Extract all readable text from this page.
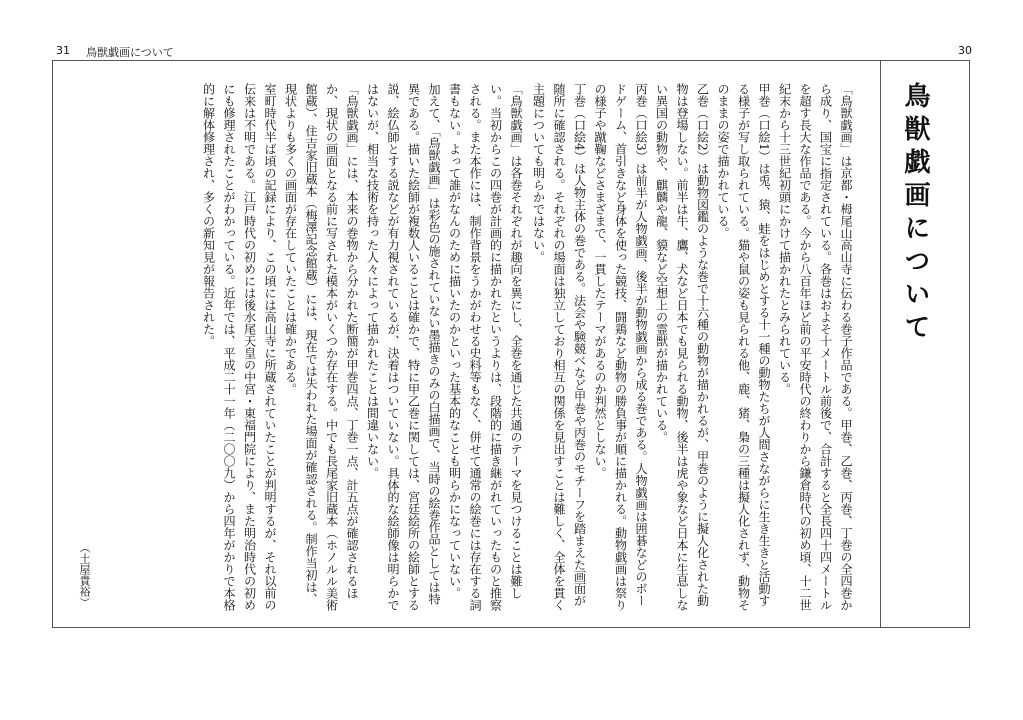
31 鳥獣戯画について	30
鳥獣戯画について

「鳥獣戯画」は京都・栂尾山高山寺に伝わる巻子作品である。甲巻、乙巻、丙巻、丁巻の全四巻から成り、国宝に指定されている。各巻はおよそ十メートル前後で、合計すると全長四十四メートルを超す長大な作品である。今から八百年ほど前の平安時代の終わりから鎌倉時代の初め頃、十二世紀末から十三世紀初頭にかけて描かれたとみられている。

甲巻（口絵1）は兎、猿、蛙をはじめとする十一種の動物たちが人間さながらに生き生きと活動する様子が写し取られている。猫や鼠の姿も見られる他、鹿、猪、梟の三種は擬人化されず、動物そのままの姿で描かれている。

乙巻（口絵2）は動物図鑑のような巻で十六種の動物が描かれるが、甲巻のように擬人化された動物は登場しない。前半は牛、鷹、犬など日本でも見られる動物、後半は虎や象など日本に生息しない異国の動物や、麒麟や龍、貘など空想上の霊獣が描かれている。

丙巻（口絵3）は前半が人物戯画、後半が動物戯画から成る巻である。人物戯画は囲碁などのボードゲーム、首引きなど身体を使った競技、闘鶏など動物の勝負事が順に描かれる。動物戯画は祭りの様子や蹴鞠などさまざまで、一貫したテーマがあるのか判然としない。

丁巻（口絵4）は人物主体の巻である。法会や験競べなど甲巻や丙巻のモチーフを踏まえた画面が随所に確認される。それぞれの場面は独立しており相互の関係を見出すことは難しく、全体を貫く主題についても明らかではない。

「鳥獣戯画」は各巻それぞれが趣向を異にし、全巻を通じた共通のテーマを見つけることは難しい。当初からこの四巻が計画的に描かれたというよりは、段階的に描き継がれていったものと推察される。また本作には、制作背景をうかがわせる史料等もなく、併せて通常の絵巻には存在する詞書もない。よって誰がなんのために描いたのかといった基本的なことも明らかになっていない。

加えて、「鳥獣戯画」は彩色の施されていない墨描きのみの白描画で、当時の絵巻作品としては特異である。描いた絵師が複数人いることは確かで、特に甲乙巻に関しては、宮廷絵所の絵師とする説、絵仏師とする説などが有力視されているが、決着はついていない。具体的な絵師像は明らかではないが、相当な技術を持った人々によって描かれたことは間違いない。

「鳥獣戯画」には、本来の巻物から分かれた断簡が甲巻四点、丁巻一点、計五点が確認されるほか、現状の画面となる前に写された模本がいくつか存在する。中でも長尾家旧蔵本（ホノルル美術館蔵）、住吉家旧蔵本（梅澤記念館蔵）には、現在では失われた場面が確認される。制作当初は、現状よりも多くの画面が存在していたことは確かである。

室町時代半ば頃の記録により、この頃には高山寺に所蔵されていたことが判明するが、それ以前の伝来は不明である。江戸時代の初めには後水尾天皇の中宮・東福門院により、また明治時代の初めにも修理されたことがわかっている。近年では、平成二十一年（二〇〇九）から四年がかりで本格的に解体修理され、多くの新知見が報告された。

（土屋貴裕）
